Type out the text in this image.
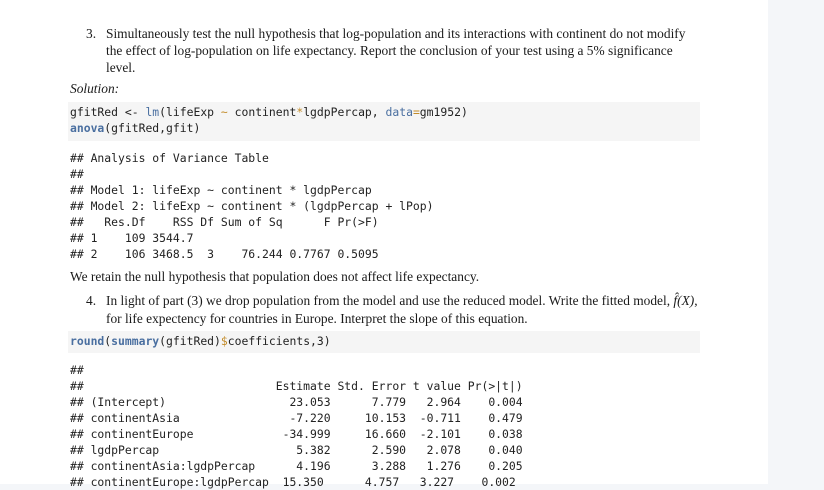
3. Simultaneously test the null hypothesis that log-population and its interactions with continent do not modify the effect of log-population on life expectancy. Report the conclusion of your test using a 5% significance level.
Solution:
gfitRed <- lm(lifeExp ~ continent*lgdpPercap, data=gm1952)
anova(gfitRed,gfit)
## Analysis of Variance Table
##
## Model 1: lifeExp ~ continent * lgdpPercap
## Model 2: lifeExp ~ continent * (lgdpPercap + lPop)
##   Res.Df    RSS Df Sum of Sq      F Pr(>F)
## 1    109 3544.7
## 2    106 3468.5  3    76.244 0.7767 0.5095
We retain the null hypothesis that population does not affect life expectancy.
4. In light of part (3) we drop population from the model and use the reduced model. Write the fitted model, f̂(X), for life expectency for countries in Europe. Interpret the slope of this equation.
round(summary(gfitRed)$coefficients,3)
##
##                            Estimate Std. Error t value Pr(>|t|)
## (Intercept)                  23.053      7.779   2.964    0.004
## continentAsia                -7.220     10.153  -0.711    0.479
## continentEurope             -34.999     16.660  -2.101    0.038
## lgdpPercap                    5.382      2.590   2.078    0.040
## continentAsia:lgdpPercap      4.196      3.288   1.276    0.205
## continentEurope:lgdpPercap  15.350      4.757   3.227    0.002
